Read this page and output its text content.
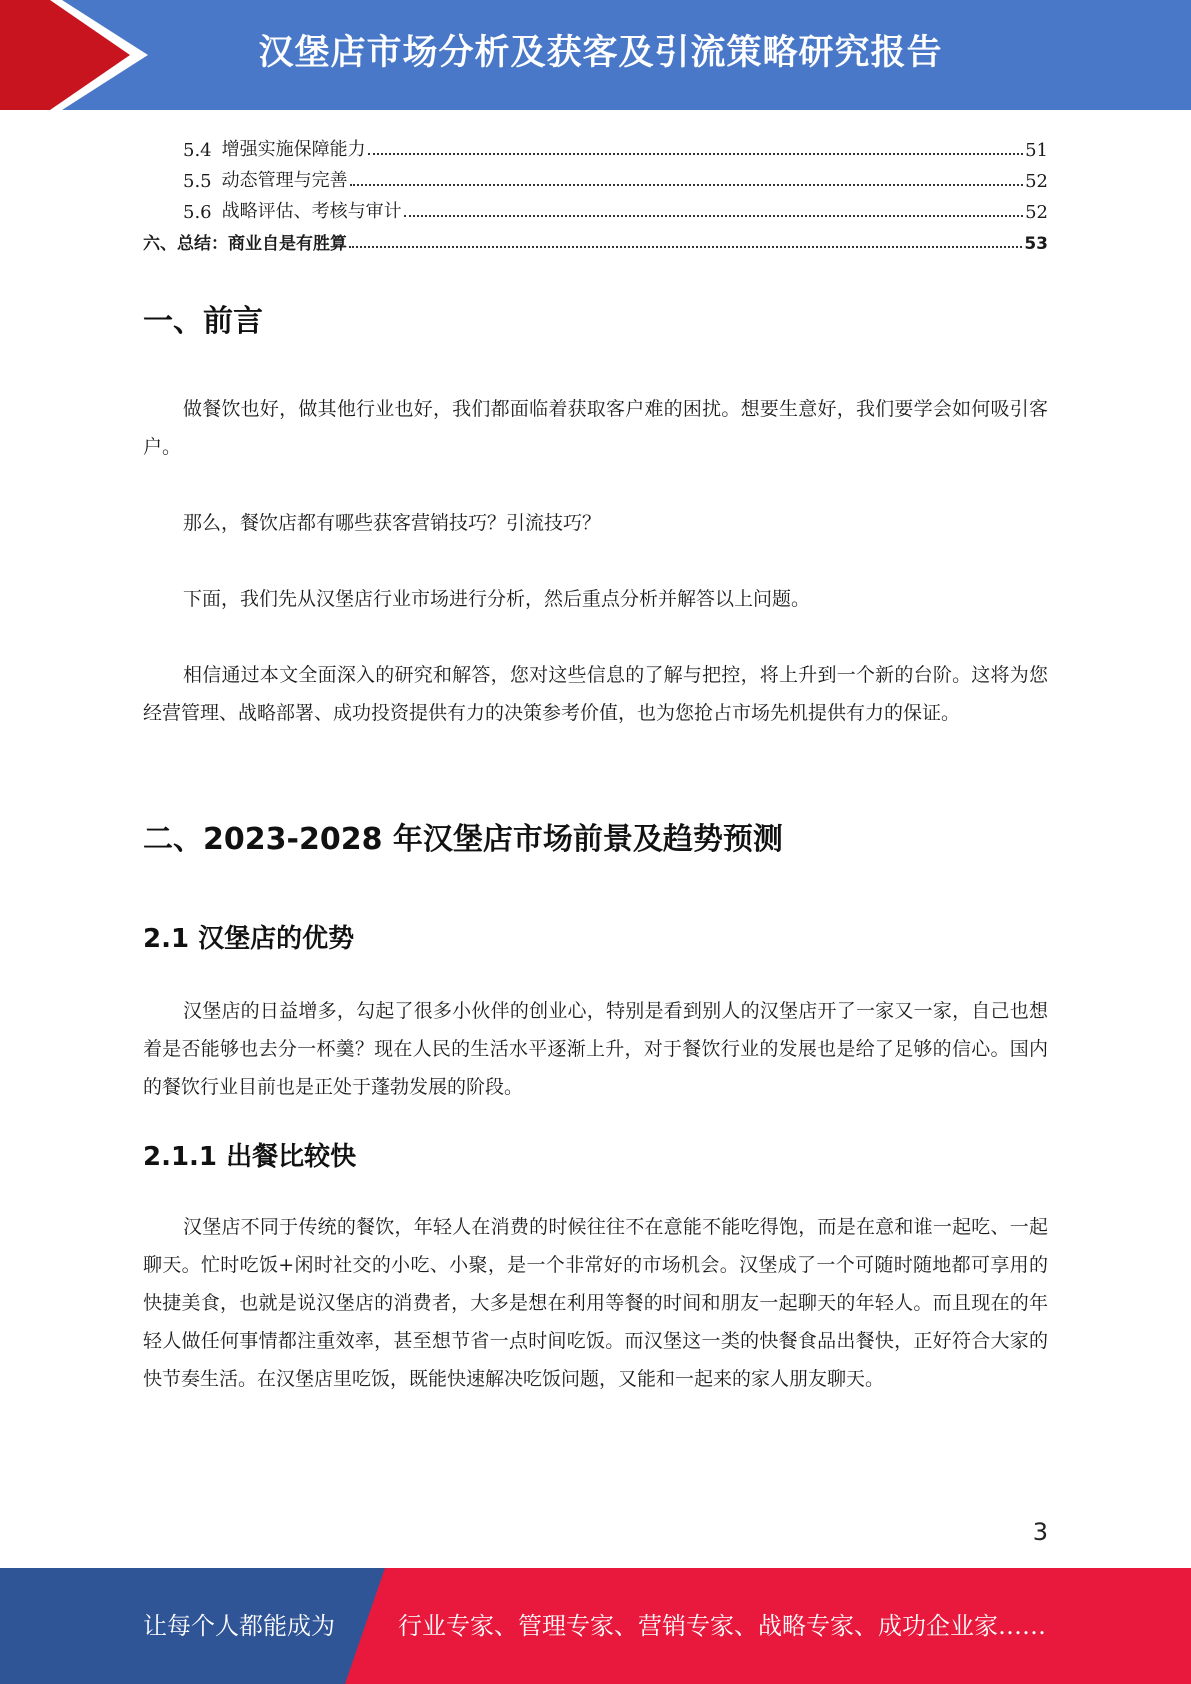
汉堡店市场分析及获客及引流策略研究报告
5.4 增强实施保障能力	51
5.5 动态管理与完善	52
5.6 战略评估、考核与审计	52
六、总结：商业自是有胜算	53
一、前言
做餐饮也好，做其他行业也好，我们都面临着获取客户难的困扰。想要生意好，我们要学会如何吸引客户。
那么，餐饮店都有哪些获客营销技巧？引流技巧？
下面，我们先从汉堡店行业市场进行分析，然后重点分析并解答以上问题。
相信通过本文全面深入的研究和解答，您对这些信息的了解与把控，将上升到一个新的台阶。这将为您经营管理、战略部署、成功投资提供有力的决策参考价值，也为您抢占市场先机提供有力的保证。
二、2023-2028 年汉堡店市场前景及趋势预测
2.1 汉堡店的优势
汉堡店的日益增多，勾起了很多小伙伴的创业心，特别是看到别人的汉堡店开了一家又一家，自己也想着是否能够也去分一杯羹？现在人民的生活水平逐渐上升，对于餐饮行业的发展也是给了足够的信心。国内的餐饮行业目前也是正处于蓬勃发展的阶段。
2.1.1 出餐比较快
汉堡店不同于传统的餐饮，年轻人在消费的时候往往不在意能不能吃得饱，而是在意和谁一起吃、一起聊天。忙时吃饭+闲时社交的小吃、小聚，是一个非常好的市场机会。汉堡成了一个可随时随地都可享用的快捷美食，也就是说汉堡店的消费者，大多是想在利用等餐的时间和朋友一起聊天的年轻人。而且现在的年轻人做任何事情都注重效率，甚至想节省一点时间吃饭。而汉堡这一类的快餐食品出餐快，正好符合大家的快节奏生活。在汉堡店里吃饭，既能快速解决吃饭问题，又能和一起来的家人朋友聊天。
3
让每个人都能成为	行业专家、管理专家、营销专家、战略专家、成功企业家……
